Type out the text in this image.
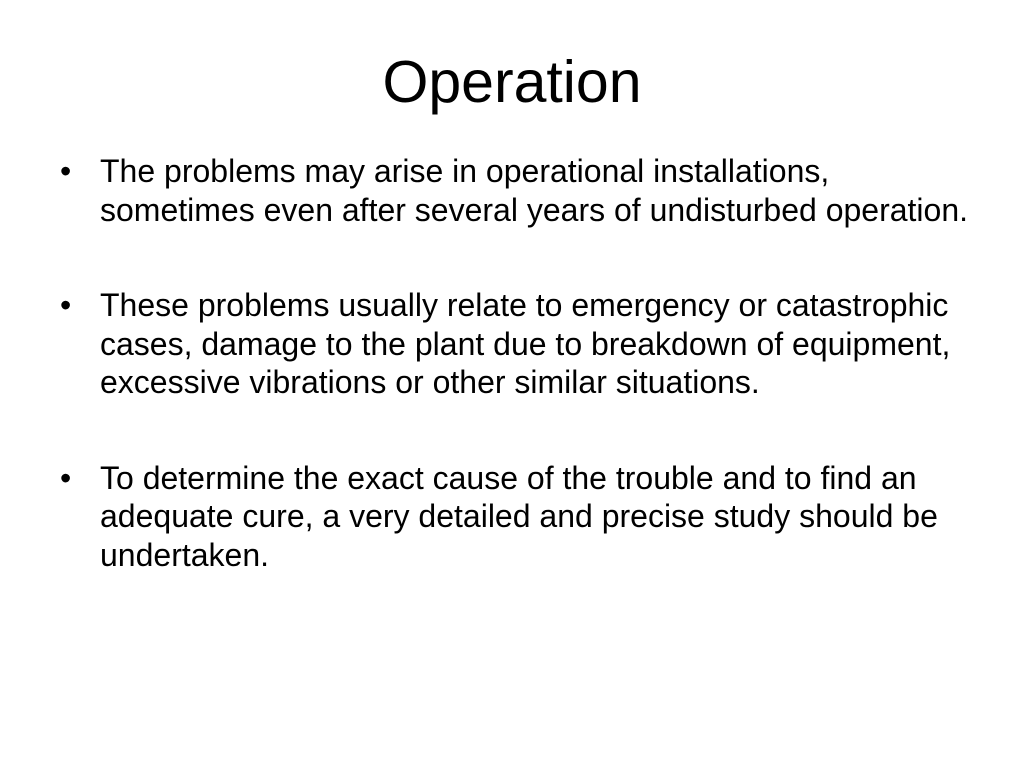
Operation
• The problems may arise in operational installations, sometimes even after several years of undisturbed operation.
• These problems usually relate to emergency or catastrophic cases, damage to the plant due to breakdown of equipment, excessive vibrations or other similar situations.
• To determine the exact cause of the trouble and to find an adequate cure, a very detailed and precise study should be undertaken.
